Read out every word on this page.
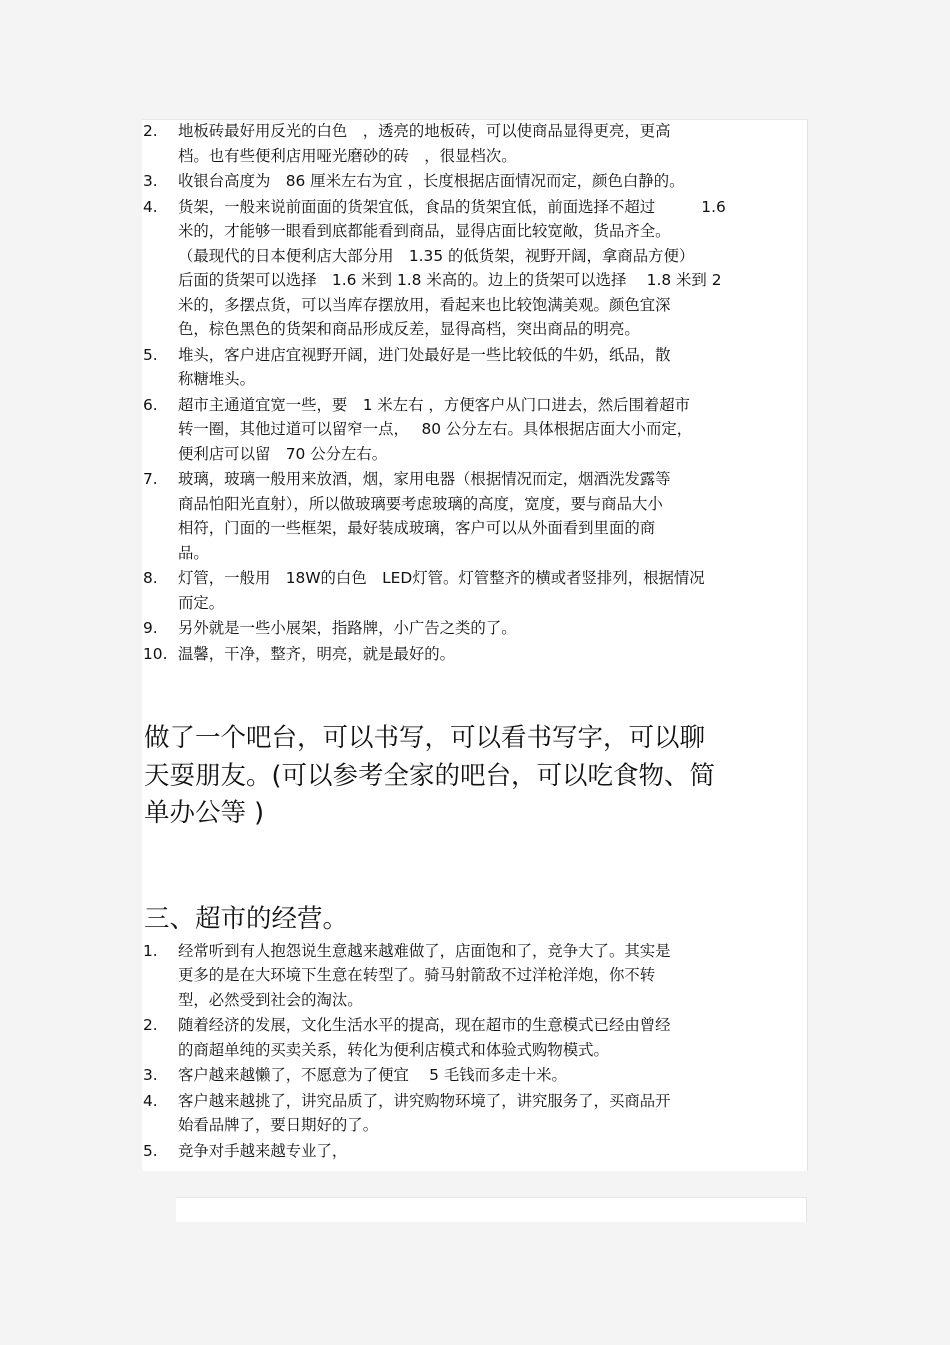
2. 地板砖最好用反光的白色　，透亮的地板砖，可以使商品显得更亮，更高
档。也有些便利店用哑光磨砂的砖　，很显档次。
3. 收银台高度为　86 厘米左右为宜 ，长度根据店面情况而定，颜色白静的。
4. 货架，一般来说前面面的货架宜低，食品的货架宜低，前面选择不超过　　　1.6
米的，才能够一眼看到底都能看到商品，显得店面比较宽敞，货品齐全。
（最现代的日本便利店大部分用　1.35 的低货架，视野开阔，拿商品方便）
后面的货架可以选择　1.6 米到 1.8 米高的。边上的货架可以选择　 1.8 米到 2
米的，多摆点货，可以当库存摆放用，看起来也比较饱满美观。颜色宜深
色，棕色黑色的货架和商品形成反差，显得高档，突出商品的明亮。
5. 堆头，客户进店宜视野开阔，进门处最好是一些比较低的牛奶，纸品，散
称糖堆头。
6. 超市主通道宜宽一些，要　1 米左右 ，方便客户从门口进去，然后围着超市
转一圈，其他过道可以留窄一点，　 80 公分左右。具体根据店面大小而定，
便利店可以留　70 公分左右。
7. 玻璃，玻璃一般用来放酒，烟，家用电器（根据情况而定，烟酒洗发露等
商品怕阳光直射），所以做玻璃要考虑玻璃的高度，宽度，要与商品大小
相符，门面的一些框架，最好装成玻璃，客户可以从外面看到里面的商
品。
8. 灯管，一般用　18W的白色　LED灯管。灯管整齐的横或者竖排列，根据情况
而定。
9. 另外就是一些小展架，指路牌，小广告之类的了。
10. 温馨，干净，整齐，明亮，就是最好的。
做了一个吧台，可以书写，可以看书写字，可以聊
天耍朋友。(可以参考全家的吧台，可以吃食物、简
单办公等 )
三、超市的经营。
1. 经常听到有人抱怨说生意越来越难做了，店面饱和了，竞争大了。其实是
更多的是在大环境下生意在转型了。骑马射箭敌不过洋枪洋炮，你不转
型，必然受到社会的淘汰。
2. 随着经济的发展，文化生活水平的提高，现在超市的生意模式已经由曾经
的商超单纯的买卖关系，转化为便利店模式和体验式购物模式。
3. 客户越来越懒了，不愿意为了便宜　 5 毛钱而多走十米。
4. 客户越来越挑了，讲究品质了，讲究购物环境了，讲究服务了，买商品开
始看品牌了，要日期好的了。
5. 竞争对手越来越专业了，
